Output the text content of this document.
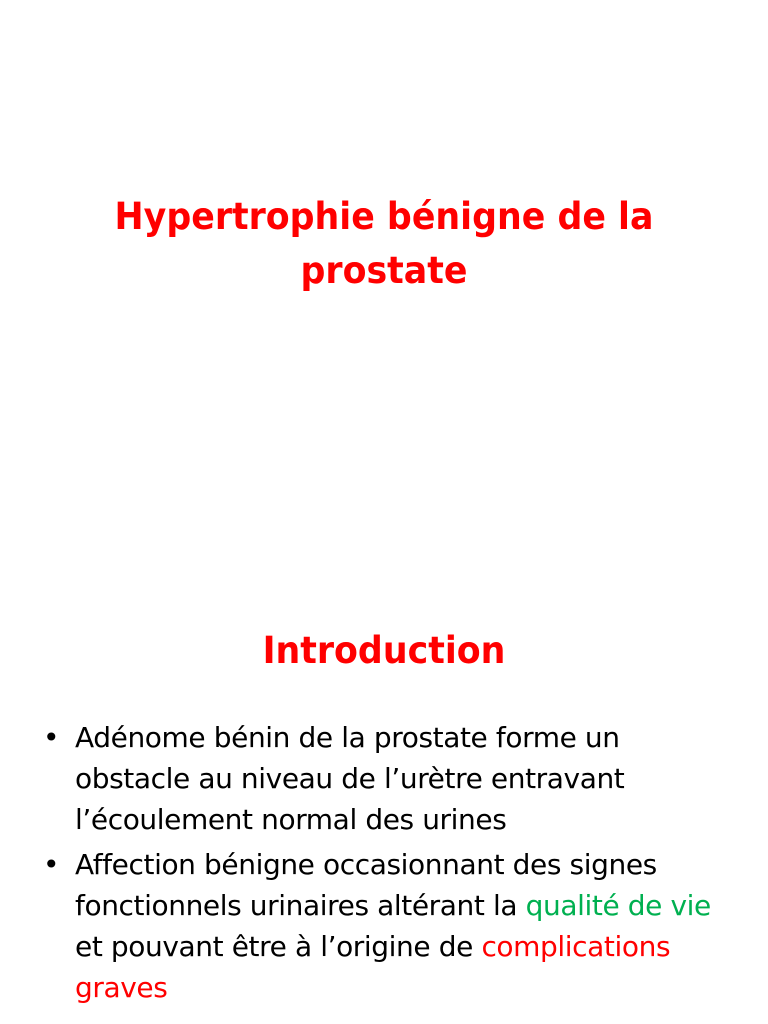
Hypertrophie bénigne de la
prostate
Introduction
• Adénome bénin de la prostate forme un
obstacle au niveau de l’urètre entravant
l’écoulement normal des urines
• Affection bénigne occasionnant des signes
fonctionnels urinaires altérant la qualité de vie
et pouvant être à l’origine de complications
graves
